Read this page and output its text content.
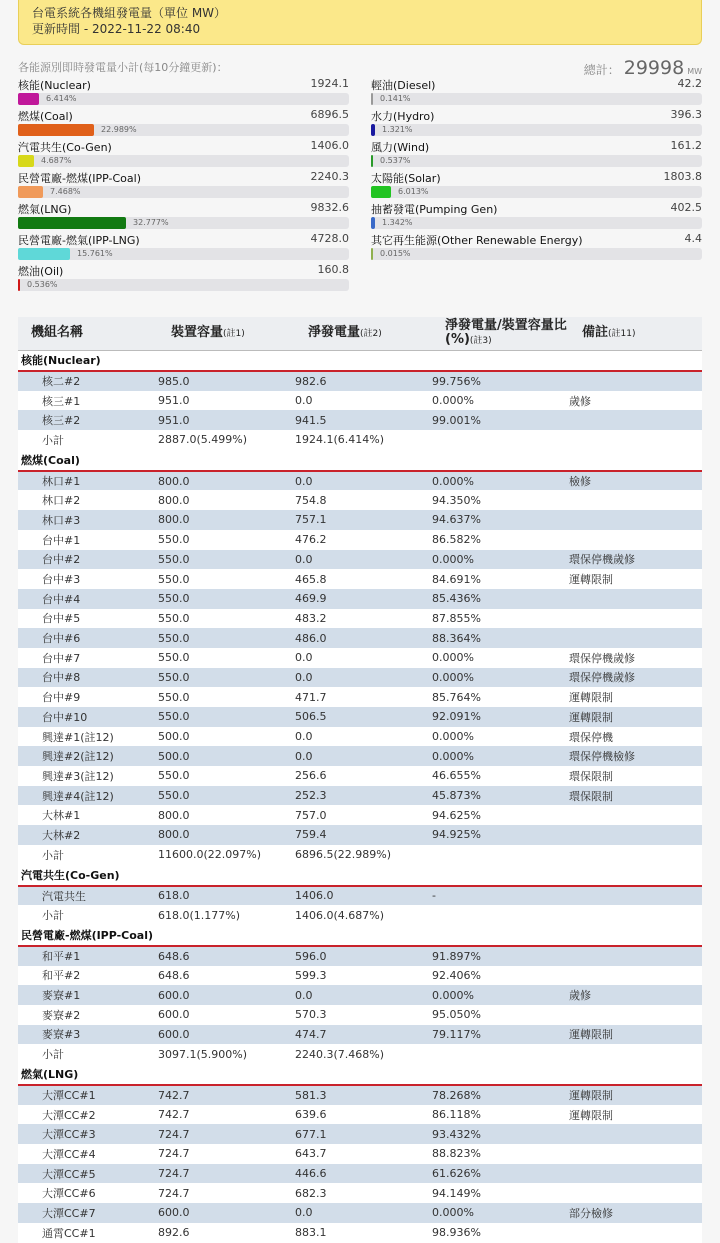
台電系統各機組發電量（單位 MW）
更新時間 - 2022-11-22 08:40
各能源別即時發電量小計(每10分鐘更新)：	總計： 29998 MW
核能(Nuclear)	1924.1
6.414%
燃煤(Coal)	6896.5
22.989%
汽電共生(Co-Gen)	1406.0
4.687%
民營電廠-燃煤(IPP-Coal)	2240.3
7.468%
燃氣(LNG)	9832.6
32.777%
民營電廠-燃氣(IPP-LNG)	4728.0
15.761%
燃油(Oil)	160.8
0.536%
輕油(Diesel)	42.2
0.141%
水力(Hydro)	396.3
1.321%
風力(Wind)	161.2
0.537%
太陽能(Solar)	1803.8
6.013%
抽蓄發電(Pumping Gen)	402.5
1.342%
其它再生能源(Other Renewable Energy)	4.4
0.015%
機組名稱	裝置容量(註1)	淨發電量(註2)	淨發電量/裝置容量比(%)(註3)	備註(註11)
核能(Nuclear)				
核二#2	985.0	982.6	99.756%	
核三#1	951.0	0.0	0.000%	歲修
核三#2	951.0	941.5	99.001%	
小計	2887.0(5.499%)	1924.1(6.414%)		
燃煤(Coal)				
林口#1	800.0	0.0	0.000%	檢修
林口#2	800.0	754.8	94.350%	
林口#3	800.0	757.1	94.637%	
台中#1	550.0	476.2	86.582%	
台中#2	550.0	0.0	0.000%	環保停機歲修
台中#3	550.0	465.8	84.691%	運轉限制
台中#4	550.0	469.9	85.436%	
台中#5	550.0	483.2	87.855%	
台中#6	550.0	486.0	88.364%	
台中#7	550.0	0.0	0.000%	環保停機歲修
台中#8	550.0	0.0	0.000%	環保停機歲修
台中#9	550.0	471.7	85.764%	運轉限制
台中#10	550.0	506.5	92.091%	運轉限制
興達#1(註12)	500.0	0.0	0.000%	環保停機
興達#2(註12)	500.0	0.0	0.000%	環保停機檢修
興達#3(註12)	550.0	256.6	46.655%	環保限制
興達#4(註12)	550.0	252.3	45.873%	環保限制
大林#1	800.0	757.0	94.625%	
大林#2	800.0	759.4	94.925%	
小計	11600.0(22.097%)	6896.5(22.989%)		
汽電共生(Co-Gen)				
汽電共生	618.0	1406.0	-	
小計	618.0(1.177%)	1406.0(4.687%)		
民營電廠-燃煤(IPP-Coal)				
和平#1	648.6	596.0	91.897%	
和平#2	648.6	599.3	92.406%	
麥寮#1	600.0	0.0	0.000%	歲修
麥寮#2	600.0	570.3	95.050%	
麥寮#3	600.0	474.7	79.117%	運轉限制
小計	3097.1(5.900%)	2240.3(7.468%)		
燃氣(LNG)				
大潭CC#1	742.7	581.3	78.268%	運轉限制
大潭CC#2	742.7	639.6	86.118%	運轉限制
大潭CC#3	724.7	677.1	93.432%	
大潭CC#4	724.7	643.7	88.823%	
大潭CC#5	724.7	446.6	61.626%	
大潭CC#6	724.7	682.3	94.149%	
大潭CC#7	600.0	0.0	0.000%	部分檢修
通霄CC#1	892.6	883.1	98.936%	
